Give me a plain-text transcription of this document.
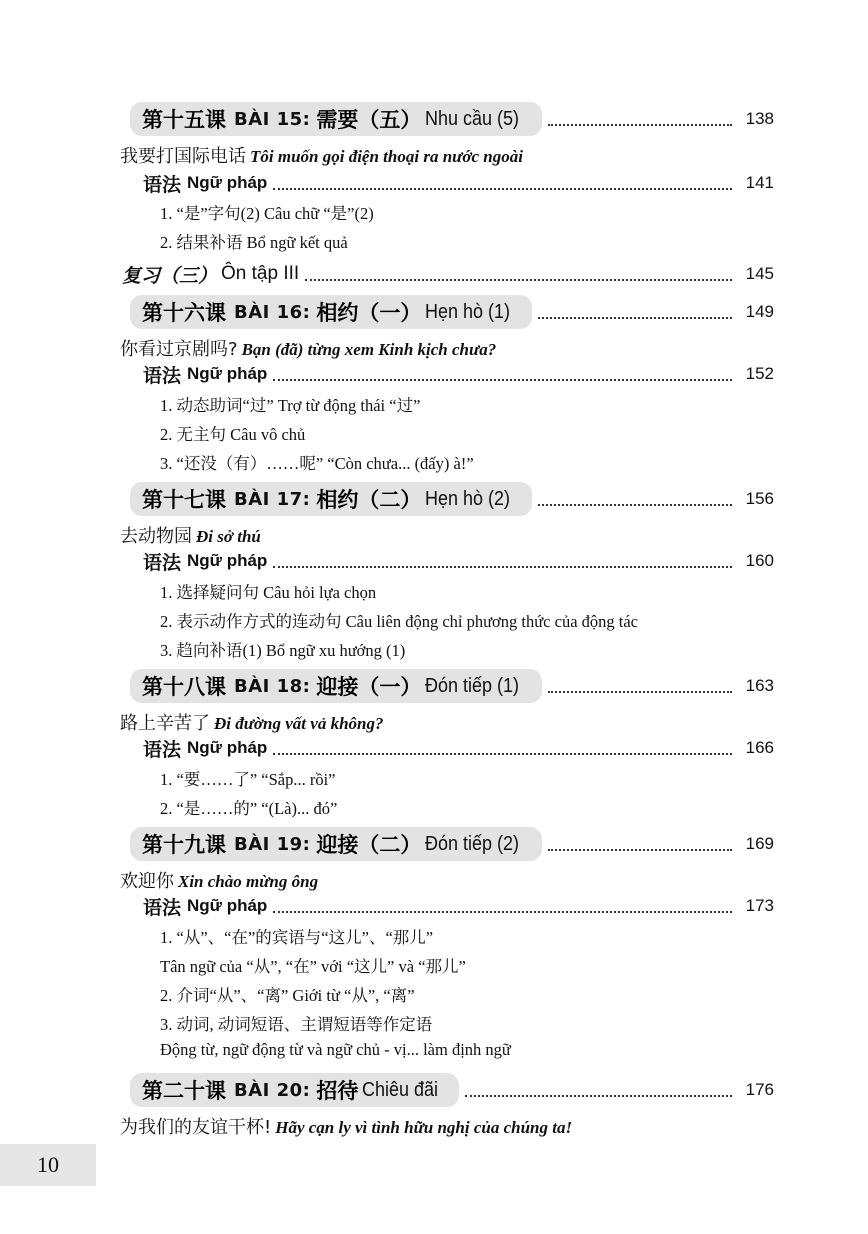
第十五课 BÀI 15: 需要（五） Nhu cầu (5)	138
我要打国际电话 Tôi muốn gọi điện thoại ra nước ngoài
语法 Ngữ pháp	141
1. “是”字句(2) Câu chữ “是”(2)
2. 结果补语 Bổ ngữ kết quả
复习（三） Ôn tập III	145
第十六课 BÀI 16: 相约（一） Hẹn hò (1)	149
你看过京剧吗? Bạn (đã) từng xem Kinh kịch chưa?
语法 Ngữ pháp	152
1. 动态助词“过” Trợ từ động thái “过”
2. 无主句 Câu vô chủ
3. “还没（有）……呢” “Còn chưa... (đấy) à!”
第十七课 BÀI 17: 相约（二） Hẹn hò (2)	156
去动物园 Đi sở thú
语法 Ngữ pháp	160
1. 选择疑问句 Câu hỏi lựa chọn
2. 表示动作方式的连动句 Câu liên động chỉ phương thức của động tác
3. 趋向补语(1) Bổ ngữ xu hướng (1)
第十八课 BÀI 18: 迎接（一） Đón tiếp (1)	163
路上辛苦了 Đi đường vất vả không?
语法 Ngữ pháp	166
1. “要……了” “Sắp... rồi”
2. “是……的” “(Là)... đó”
第十九课 BÀI 19: 迎接（二） Đón tiếp (2)	169
欢迎你 Xin chào mừng ông
语法 Ngữ pháp	173
1. “从”、“在”的宾语与“这儿”、“那儿”
Tân ngữ của “从”, “在” với “这儿” và “那儿”
2. 介词“从”、“离” Giới từ “从”, “离”
3. 动词, 动词短语、主谓短语等作定语
Động từ, ngữ động từ và ngữ chủ - vị... làm định ngữ
第二十课 BÀI 20: 招待 Chiêu đãi	176
为我们的友谊干杯! Hãy cạn ly vì tình hữu nghị của chúng ta!
10
